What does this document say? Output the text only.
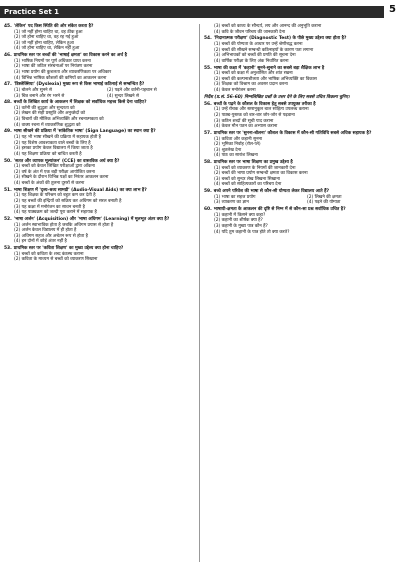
Practice Set 1	5
45. 'लेकिन' पद किस स्थिति की ओर संकेत करता है?
(1) जो नहीं होना चाहिए था, वह ठीक हुआ
(2) जो होना चाहिए था, वह रह गई हुआ
(3) जो नहीं होना चाहिए, लेकिन हुआ
(4) जो होना चाहिए था, लेकिन नहीं हुआ
46. प्राथमिक स्तर पर बच्चों की 'भाषाई क्षमता' का विकास करने का अर्थ है
(1) भाषिक नियमों पर पूर्ण अधिकार प्राप्त करना
(2) भाषा की जटिल संरचनाओं पर नियंत्रण करना
(3) भाषा प्रयोग की कुशलता और व्याकरणिकता पर अधिकार
(4) विभिन्न भाषिक कौशलों की कमियों का आकलन करना
47. 'डिस्लेक्सिया' (Dyslexia) मुख्य रूप से किस भाषाई कठिनाई से सम्बन्धित है?
(1) बोलने और सुनने से	(2) पढ़ने और वर्तनी-पहचान से
(3) चित्र बनाने और रंग भरने से	(4) सुन्दर लिखने से
48. बच्चों के लिखित कार्य के आकलन में शिक्षक को सर्वाधिक महत्त्व किसे देना चाहिए?
(1) वर्तनी की शुद्धता और सुन्दरता को
(2) लेखन की सही प्रस्तुति और अनुच्छेदों को
(3) विचारों की मौलिक अभिव्यक्ति और रचनात्मकता को
(4) वाक्य रचना में व्याकरणिक शुद्धता को
49. भाषा सीखने की प्रक्रिया में 'सांकेतिक भाषा' (Sign Language) का स्थान क्या है?
(1) यह भी भाषा सीखने की प्रक्रिया में सहायक होती है
(2) यह विशेष आवश्यकता वाले बच्चों के लिए है
(3) इसका प्रयोग केवल विद्यालय में किया जाता है
(4) यह शिक्षण प्रक्रिया को बाधित करती है
50. 'सतत और व्यापक मूल्यांकन' (CCE) का वास्तविक अर्थ क्या है?
(1) बच्चों को केवल लिखित परीक्षाओं द्वारा आँकना
(2) वर्ष के अंत में एक बड़ी परीक्षा आयोजित करना
(3) सीखने के दौरान विभिन्न पक्षों का निरंतर आकलन करना
(4) बच्चों के अंकों की तुलना दूसरों से करना
51. भाषा शिक्षण में 'दृश्य-श्रव्य सामग्री' (Audio-Visual Aids) का क्या लाभ है?
(1) यह शिक्षक के परिश्रम को बहुत कम कर देती है
(2) यह बच्चों की इन्द्रियों को सक्रिय कर अधिगम को सरल बनाती है
(3) यह कक्षा में मनोरंजन का साधन बनती है
(4) यह पाठ्यक्रम को जल्दी पूरा कराने में सहायक है
52. 'भाषा अर्जन' (Acquisition) और 'भाषा अधिगम' (Learning) में मूलभूत अंतर क्या है?
(1) अर्जन स्वाभाविक होता है जबकि अधिगम प्रयास से होता है
(2) अर्जन केवल विद्यालय में ही होता है
(3) अधिगम सहज और अचेतन रूप से होता है
(4) इन दोनों में कोई अंतर नहीं है
53. प्राथमिक स्तर पर 'कविता शिक्षण' का मुख्य उद्देश्य क्या होना चाहिए?
(1) बच्चों को कविता के शब्द कंठस्थ कराना
(2) कविता के माध्यम से बच्चों को व्याकरण सिखाना
(3) बच्चों को काव्य के सौन्दर्य, लय और आनन्द की अनुभूति कराना
(4) कवि के जीवन परिचय की जानकारी देना
54. 'निदानात्मक परीक्षण' (Diagnostic Test) के पीछे मुख्य उद्देश्य क्या होता है?
(1) बच्चों की योग्यता के आधार पर उन्हें श्रेणीबद्ध करना
(2) बच्चों की सीखने सम्बन्धी कठिनाइयों के कारण पता लगाना
(3) अभिभावकों को बच्चों की प्रगति की सूचना देना
(4) वार्षिक परीक्षा के लिए अंक निर्धारित करना
55. भाषा की कक्षा में 'कहानी' सुनने-सुनाने का सबसे बड़ा शैक्षिक लाभ है
(1) बच्चों को कक्षा में अनुशासित और शांत रखना
(2) बच्चों की कल्पनाशीलता और भाषिक अभिव्यक्ति का विकास
(3) शिक्षक को विश्राम का अवसर प्रदान करना
(4) केवल मनोरंजन करना
निर्देश (प्र.सं. 56-60) निम्नलिखित प्रश्नों के उत्तर देने के लिए सबसे उचित विकल्प चुनिए।
56. बच्चों के पढ़ने के कौशल के विकास हेतु सबसे उपयुक्त तरीका है
(1) उन्हें रोचक और स्तरानुकूल बाल साहित्य उपलब्ध कराना
(2) पाठ्य-पुस्तक को बार-बार जोर-जोर से पढ़वाना
(3) कठिन शब्दों की सूची याद कराना
(4) केवल मौन पठन का अभ्यास कराना
57. प्राथमिक स्तर पर 'सुनना-बोलना' कौशल के विकास में कौन-सी गतिविधि सबसे अधिक सहायक है?
(1) कविता और कहानी सुनना
(2) भूमिका निर्वाह (रोल-प्ले)
(3) श्रुतलेख देना
(4) पाठ का सारांश लिखना
58. प्राथमिक स्तर पर भाषा शिक्षण का प्रमुख उद्देश्य है
(1) बच्चों को व्याकरण के नियमों की जानकारी देना
(2) बच्चों की भाषा प्रयोग सम्बन्धी क्षमता का विकास करना
(3) बच्चों को सुन्दर लेख लिखना सिखाना
(4) बच्चों को साहित्यकारों का परिचय देना
59. बच्चे अपने परिवेश की भाषा से कौन-सी योग्यता लेकर विद्यालय आते हैं?
(1) भाषा का सहज प्रयोग	(2) लिखने की क्षमता
(3) व्याकरण का ज्ञान	(4) पढ़ने की योग्यता
60. भाषायी-क्षमता के आकलन की दृष्टि से निम्न में से कौन-सा प्रश्न सर्वाधिक उचित है?
(1) कहानी में किसने क्या कहा?
(2) कहानी का शीर्षक क्या है?
(3) कहानी के मुख्य पात्र कौन हैं?
(4) यदि तुम कहानी के पात्र होते तो क्या करते?
